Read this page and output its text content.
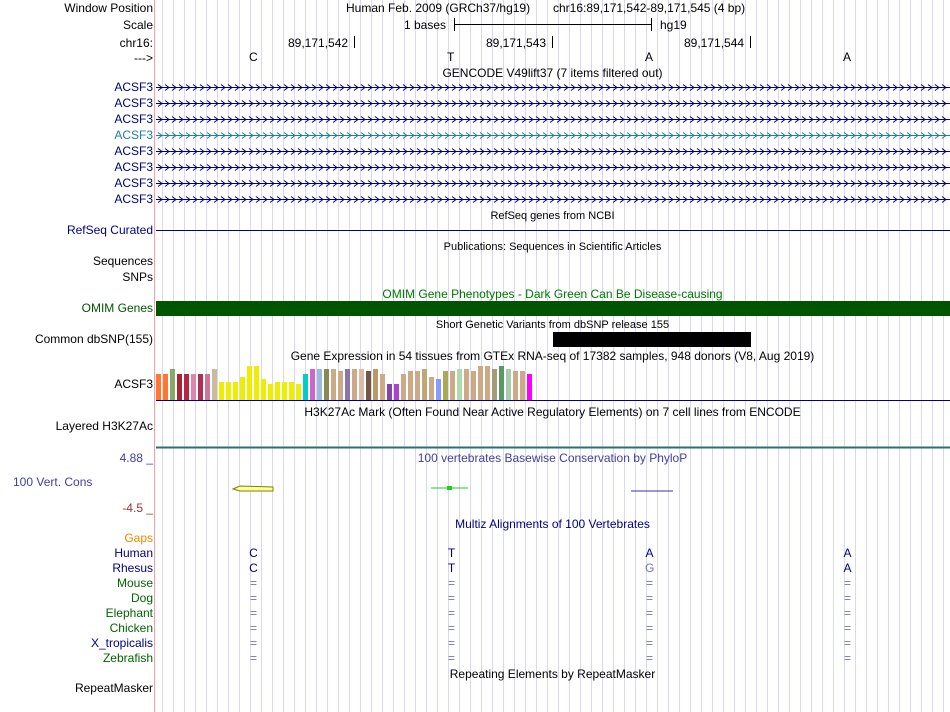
Window Position
Scale
chr16:
--->
Human Feb. 2009 (GRCh37/hg19) chr16:89,171,542-89,171,545 (4 bp)
1 bases	hg19
89,171,542	89,171,543	89,171,544
C	T	A	A
GENCODE V49lift37 (7 items filtered out)
ACSF3
ACSF3
ACSF3
ACSF3
ACSF3
ACSF3
ACSF3
ACSF3
RefSeq genes from NCBI
RefSeq Curated
Publications: Sequences in Scientific Articles
Sequences
SNPs
OMIM Gene Phenotypes - Dark Green Can Be Disease-causing
OMIM Genes
Short Genetic Variants from dbSNP release 155
Common dbSNP(155)
Gene Expression in 54 tissues from GTEx RNA-seq of 17382 samples, 948 donors (V8, Aug 2019)
ACSF3
H3K27Ac Mark (Often Found Near Active Regulatory Elements) on 7 cell lines from ENCODE
Layered H3K27Ac
100 vertebrates Basewise Conservation by PhyloP
4.88 _
100 Vert. Cons
-4.5 _
Multiz Alignments of 100 Vertebrates
Gaps
Human	C	T	A	A
Rhesus	C	T	G	A
Mouse	=	=	=	=
Dog	=	=	=	=
Elephant	=	=	=	=
Chicken	=	=	=	=
X_tropicalis	=	=	=	=
Zebrafish	=	=	=	=
Repeating Elements by RepeatMasker
RepeatMasker
